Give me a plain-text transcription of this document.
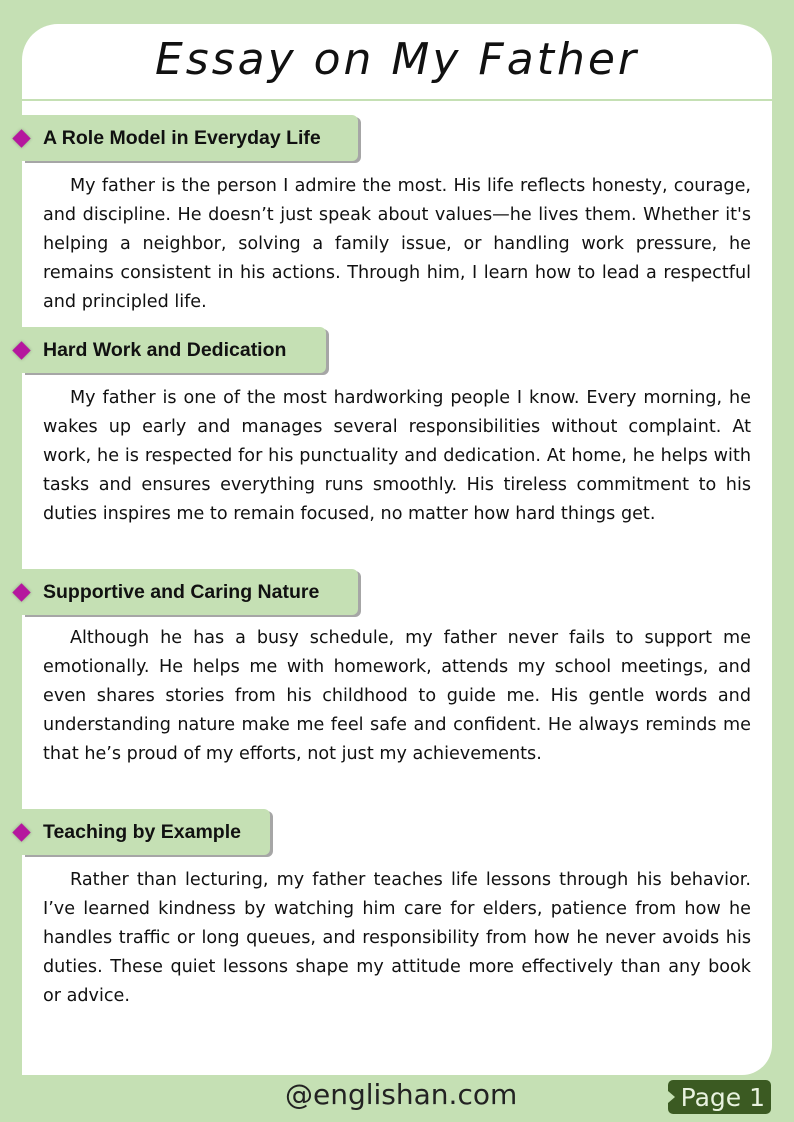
Essay on My Father
A Role Model in Everyday Life

My father is the person I admire the most. His life reflects honesty, courage, and discipline. He doesn’t just speak about values—he lives them. Whether it's helping a neighbor, solving a family issue, or handling work pressure, he remains consistent in his actions. Through him, I learn how to lead a respectful and principled life.

Hard Work and Dedication

My father is one of the most hardworking people I know. Every morning, he wakes up early and manages several responsibilities without complaint. At work, he is respected for his punctuality and dedication. At home, he helps with tasks and ensures everything runs smoothly. His tireless commitment to his duties inspires me to remain focused, no matter how hard things get.

Supportive and Caring Nature

Although he has a busy schedule, my father never fails to support me emotionally. He helps me with homework, attends my school meetings, and even shares stories from his childhood to guide me. His gentle words and understanding nature make me feel safe and confident. He always reminds me that he’s proud of my efforts, not just my achievements.

Teaching by Example

Rather than lecturing, my father teaches life lessons through his behavior. I’ve learned kindness by watching him care for elders, patience from how he handles traffic or long queues, and responsibility from how he never avoids his duties. These quiet lessons shape my attitude more effectively than any book or advice.

@englishan.com	Page 1
